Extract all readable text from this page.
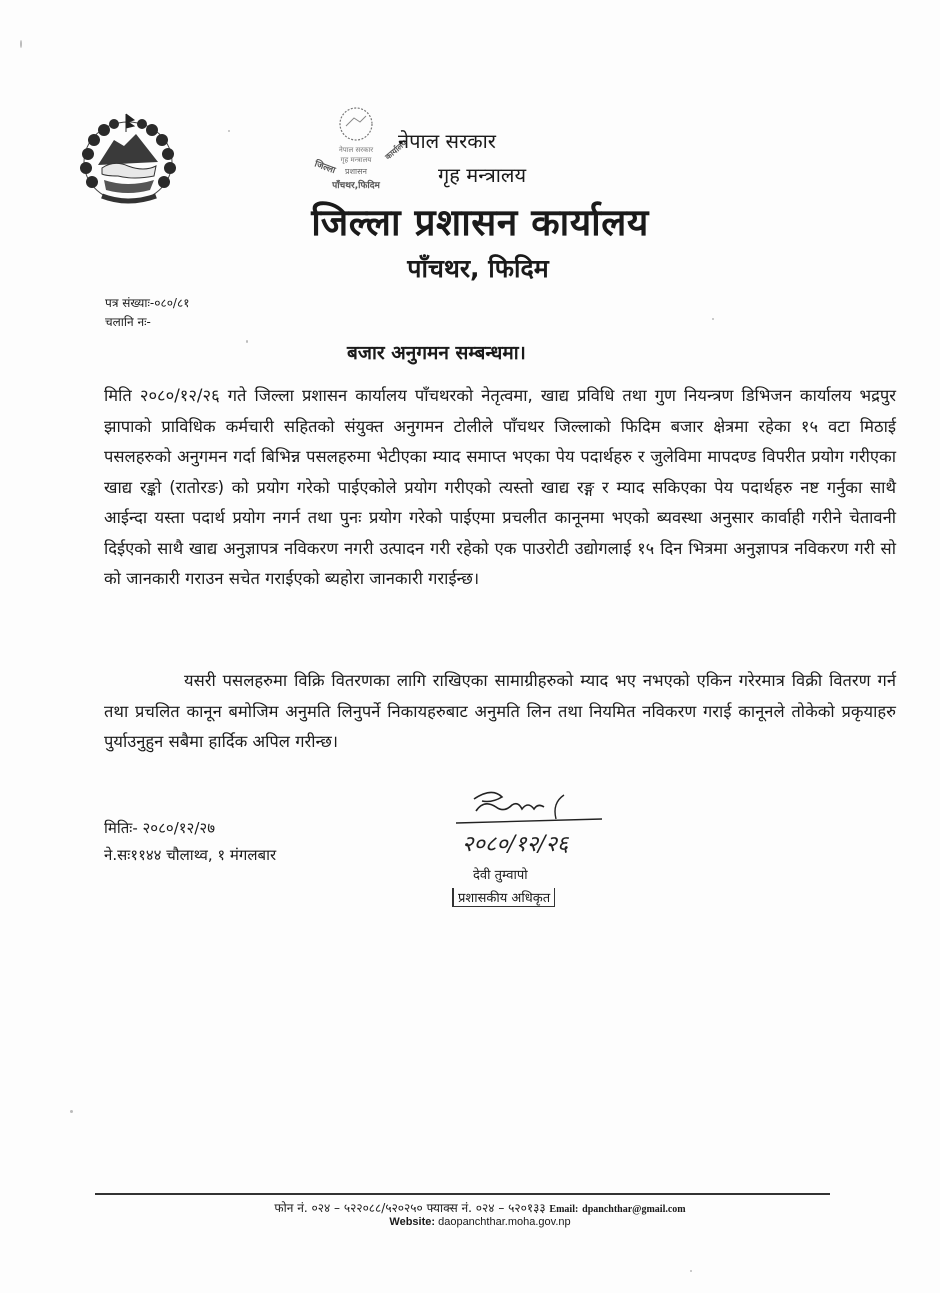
नेपाल सरकार
गृह मन्त्रालय
जिल्ला प्रशासन
कार्यालय
पाँचथर,फिदिम
नेपाल सरकार
गृह मन्त्रालय
जिल्ला प्रशासन कार्यालय
पाँचथर, फिदिम
पत्र संख्याः-०८०/८१
चलानि नः-
बजार अनुगमन सम्बन्धमा।
मिति २०८०/१२/२६ गते जिल्ला प्रशासन कार्यालय पाँचथरको नेतृत्वमा, खाद्य प्रविधि तथा गुण नियन्त्रण डिभिजन कार्यालय भद्रपुर झापाको प्राविधिक कर्मचारी सहितको संयुक्त अनुगमन टोलीले पाँचथर जिल्लाको फिदिम बजार क्षेत्रमा रहेका १५ वटा मिठाई पसलहरुको अनुगमन गर्दा बिभिन्न पसलहरुमा भेटीएका म्याद समाप्त भएका पेय पदार्थहरु र जुलेविमा मापदण्ड विपरीत प्रयोग गरीएका खाद्य रङ्को (रातोरङ) को प्रयोग गरेको पाईएकोले प्रयोग गरीएको त्यस्तो खाद्य रङ्ग र म्याद सकिएका पेय पदार्थहरु नष्ट गर्नुका साथै आईन्दा यस्ता पदार्थ प्रयोग नगर्न तथा पुनः प्रयोग गरेको पाईएमा प्रचलीत कानूनमा भएको ब्यवस्था अनुसार कार्वाही गरीने चेतावनी दिईएको साथै खाद्य अनुज्ञापत्र नविकरण नगरी उत्पादन गरी रहेको एक पाउरोटी उद्योगलाई १५ दिन भित्रमा अनुज्ञापत्र नविकरण गरी सो को जानकारी गराउन सचेत गराईएको ब्यहोरा जानकारी गराईन्छ।
यसरी पसलहरुमा विक्रि वितरणका लागि राखिएका सामाग्रीहरुको म्याद भए नभएको एकिन गरेरमात्र विक्री वितरण गर्न तथा प्रचलित कानून बमोजिम अनुमति लिनुपर्ने निकायहरुबाट अनुमति लिन तथा नियमित नविकरण गराई कानूनले तोकेको प्रकृयाहरु पुर्याउनुहुन सबैमा हार्दिक अपिल गरीन्छ।
मितिः- २०८०/१२/२७
ने.सः११४४ चौलाथ्व, १ मंगलबार	२०८०/१२/२६
देवी तुम्वापो
प्रशासकीय अधिकृत
फोन नं. ०२४ – ५२२०८८/५२०२५० फ्याक्स नं. ०२४ – ५२०१३३ Email: dpanchthar@gmail.com
Website: daopanchthar.moha.gov.np
